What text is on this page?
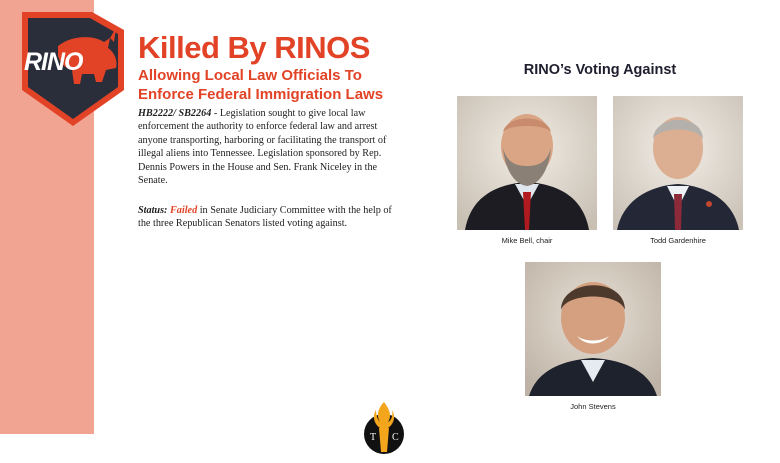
RINO Killed By RINOS
Allowing Local Law Officials To
Enforce Federal Immigration Laws
HB2222/ SB2264 - Legislation sought to give local law enforcement the authority to enforce federal law and arrest anyone transporting, harboring or facilitating the transport of illegal aliens into Tennessee. Legislation sponsored by Rep. Dennis Powers in the House and Sen. Frank Niceley in the Senate.
Status: Failed in Senate Judiciary Committee with the help of the three Republican Senators listed voting against.
RINO’s Voting Against
Mike Bell, chair	Todd Gardenhire
John Stevens
T C
